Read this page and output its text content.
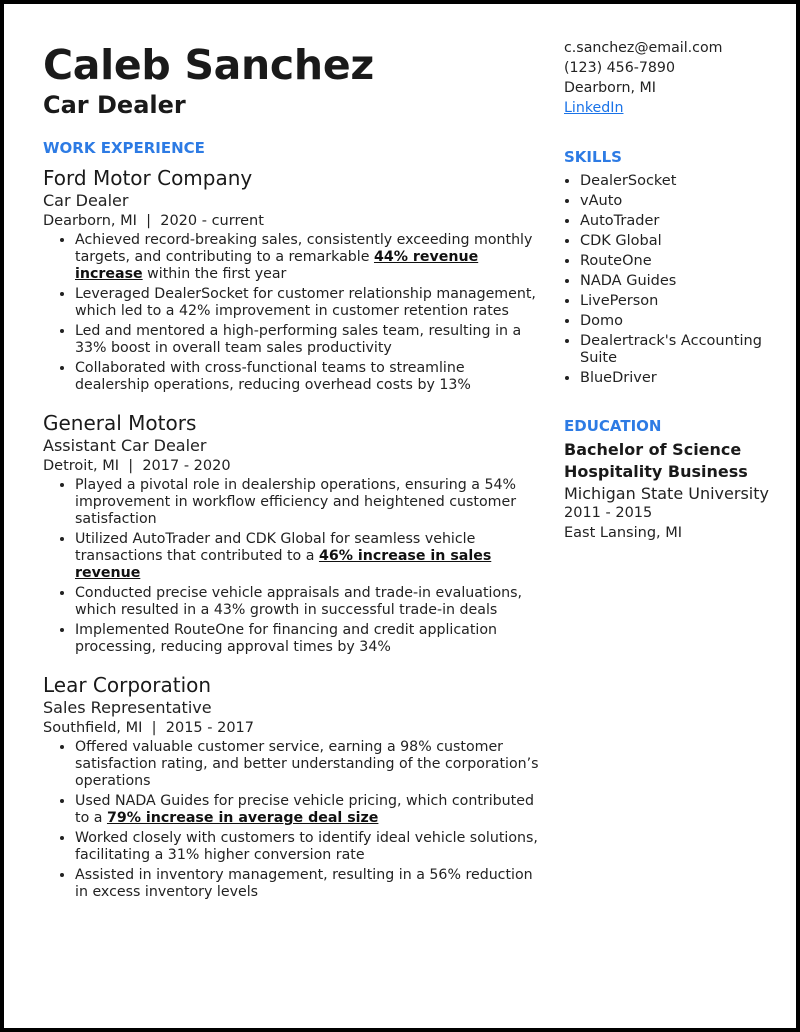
Caleb Sanchez
Car Dealer
WORK EXPERIENCE
Ford Motor Company
Car Dealer
Dearborn, MI  |  2020 - current
• Achieved record-breaking sales, consistently exceeding monthly targets, and contributing to a remarkable 44% revenue increase within the first year
• Leveraged DealerSocket for customer relationship management, which led to a 42% improvement in customer retention rates
• Led and mentored a high-performing sales team, resulting in a 33% boost in overall team sales productivity
• Collaborated with cross-functional teams to streamline dealership operations, reducing overhead costs by 13%
General Motors
Assistant Car Dealer
Detroit, MI  |  2017 - 2020
• Played a pivotal role in dealership operations, ensuring a 54% improvement in workflow efficiency and heightened customer satisfaction
• Utilized AutoTrader and CDK Global for seamless vehicle transactions that contributed to a 46% increase in sales revenue
• Conducted precise vehicle appraisals and trade-in evaluations, which resulted in a 43% growth in successful trade-in deals
• Implemented RouteOne for financing and credit application processing, reducing approval times by 34%
Lear Corporation
Sales Representative
Southfield, MI  |  2015 - 2017
• Offered valuable customer service, earning a 98% customer satisfaction rating, and better understanding of the corporation’s operations
• Used NADA Guides for precise vehicle pricing, which contributed to a 79% increase in average deal size
• Worked closely with customers to identify ideal vehicle solutions, facilitating a 31% higher conversion rate
• Assisted in inventory management, resulting in a 56% reduction in excess inventory levels
c.sanchez@email.com
(123) 456-7890
Dearborn, MI
LinkedIn
SKILLS
• DealerSocket
• vAuto
• AutoTrader
• CDK Global
• RouteOne
• NADA Guides
• LivePerson
• Domo
• Dealertrack's Accounting Suite
• BlueDriver
EDUCATION
Bachelor of Science
Hospitality Business
Michigan State University
2011 - 2015
East Lansing, MI
